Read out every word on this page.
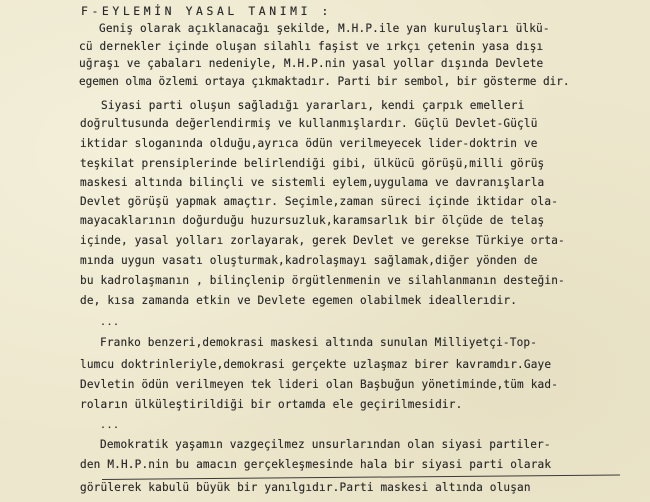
F-EYLEMİN YASAL TANIMI :
Geniş olarak açıklanacağı şekilde, M.H.P.ile yan kuruluşları ülkü-
cü dernekler içinde oluşan silahlı faşist ve ırkçı çetenin yasa dışı
uğraşı ve çabaları nedeniyle, M.H.P.nin yasal yollar dışında Devlete
egemen olma özlemi ortaya çıkmaktadır. Parti bir sembol, bir gösterme dir.
Siyasi parti oluşun sağladığı yararları, kendi çarpık emelleri
doğrultusunda değerlendirmiş ve kullanmışlardır. Güçlü Devlet-Güçlü
iktidar sloganında olduğu,ayrıca ödün verilmeyecek lider-doktrin ve
teşkilat prensiplerinde belirlendiği gibi, ülkücü görüşü,milli görüş
maskesi altında bilinçli ve sistemli eylem,uygulama ve davranışlarla
Devlet görüşü yapmak amaçtır. Seçimle,zaman süreci içinde iktidar ola-
mayacaklarının doğurduğu huzursuzluk,karamsarlık bir ölçüde de telaş
içinde, yasal yolları zorlayarak, gerek Devlet ve gerekse Türkiye orta-
mında uygun vasatı oluşturmak,kadrolaşmayı sağlamak,diğer yönden de
bu kadrolaşmanın , bilinçlenip örgütlenmenin ve silahlanmanın desteğin-
de, kısa zamanda etkin ve Devlete egemen olabilmek ideallerıdir.
...
Franko benzeri,demokrasi maskesi altında sunulan Milliyetçi-Top-
lumcu doktrinleriyle,demokrasi gerçekte uzlaşmaz birer kavramdır.Gaye
Devletin ödün verilmeyen tek lideri olan Başbuğun yönetiminde,tüm kad-
roların ülküleştirildiği bir ortamda ele geçirilmesidir.
...
Demokratik yaşamın vazgeçilmez unsurlarından olan siyasi partiler-
den M.H.P.nin bu amacın gerçekleşmesinde hala bir siyasi parti olarak
görülerek kabulü büyük bir yanılgıdır.Parti maskesi altında oluşan
